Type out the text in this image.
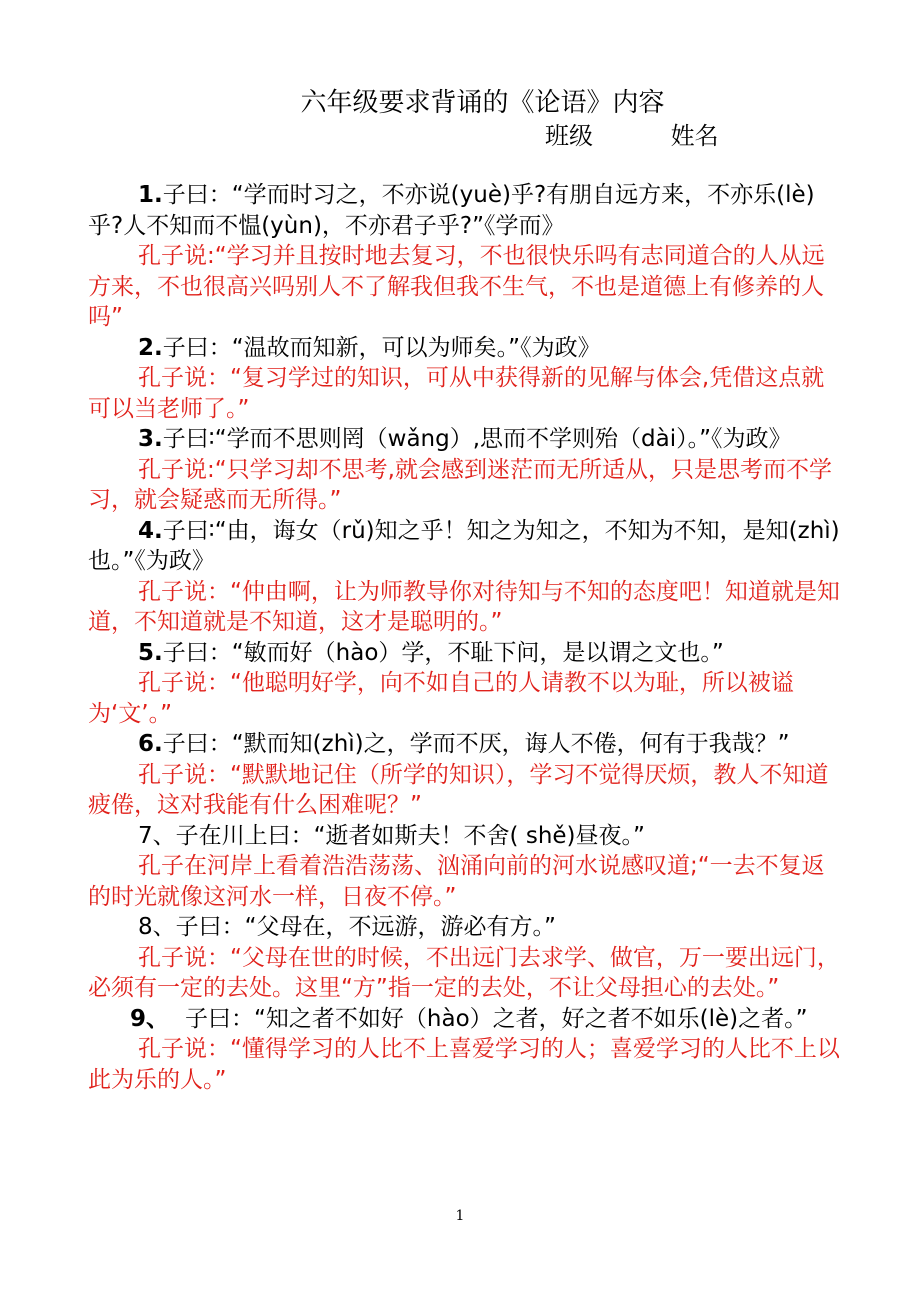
六年级要求背诵的《论语》内容
班级	姓名

1.子曰：“学而时习之，不亦说(yuè)乎?有朋自远方来，不亦乐(lè)乎?人不知而不愠(yùn)，不亦君子乎?”《学而》

孔子说:“学习并且按时地去复习，不也很快乐吗有志同道合的人从远方来，不也很高兴吗别人不了解我但我不生气，不也是道德上有修养的人吗”

2.子曰：“温故而知新，可以为师矣。”《为政》

孔子说：“复习学过的知识，可从中获得新的见解与体会,凭借这点就可以当老师了。”

3.子曰∶“学而不思则罔（wǎng）,思而不学则殆（dài）。”《为政》

孔子说:“只学习却不思考,就会感到迷茫而无所适从，只是思考而不学习，就会疑惑而无所得。”

4.子曰∶“由，诲女（rǔ)知之乎！知之为知之，不知为不知，是知(zhì)也。”《为政》

孔子说：“仲由啊，让为师教导你对待知与不知的态度吧！知道就是知道，不知道就是不知道，这才是聪明的。”

5.子曰：“敏而好（hào）学，不耻下问，是以谓之文也。”

孔子说：“他聪明好学，向不如自己的人请教不以为耻，所以被谥为‘文’。”

6.子曰：“默而知(zhì)之，学而不厌，诲人不倦，何有于我哉？”

孔子说：“默默地记住（所学的知识），学习不觉得厌烦，教人不知道疲倦，这对我能有什么困难呢？”

7、子在川上曰：“逝者如斯夫！不舍( shě)昼夜。”

孔子在河岸上看着浩浩荡荡、汹涌向前的河水说感叹道;“一去不复返的时光就像这河水一样，日夜不停。”

8、子曰：“父母在，不远游，游必有方。”

孔子说：“父母在世的时候，不出远门去求学、做官，万一要出远门，必须有一定的去处。这里“方”指一定的去处，不让父母担心的去处。”

9、 子曰：“知之者不如好（hào）之者，好之者不如乐(lè)之者。”

孔子说：“懂得学习的人比不上喜爱学习的人；喜爱学习的人比不上以此为乐的人。”

1
